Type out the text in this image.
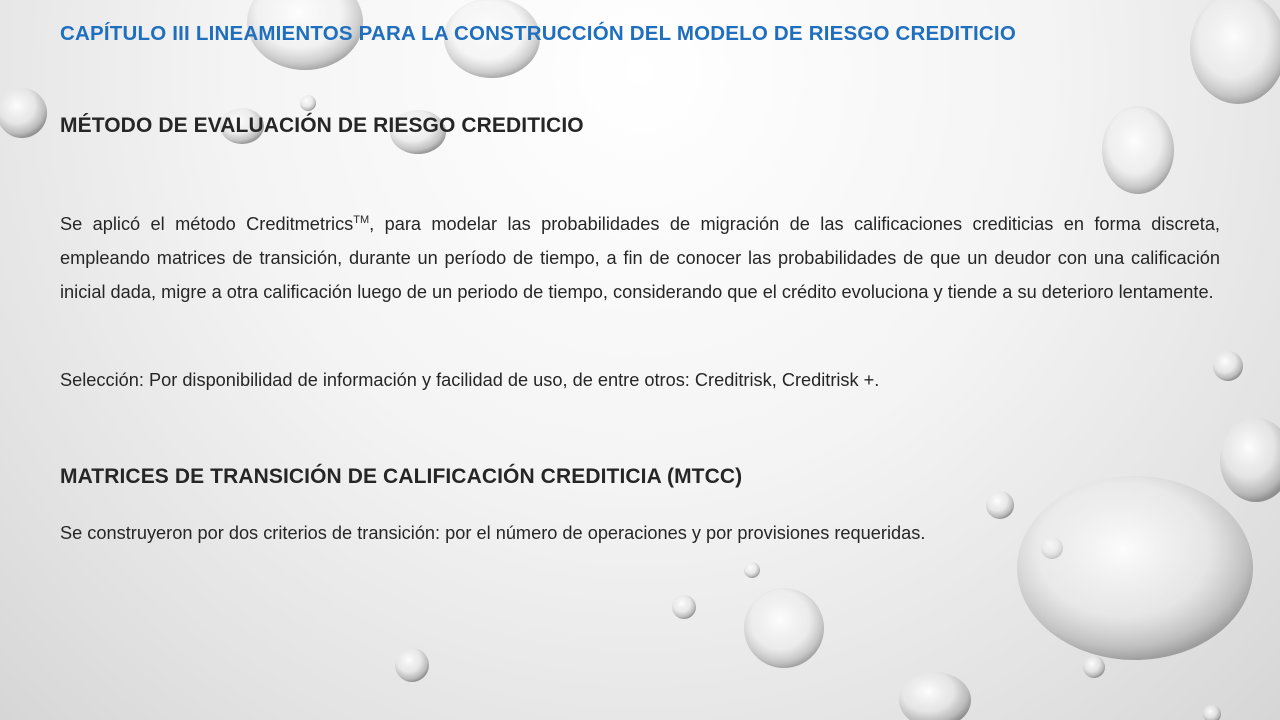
CAPÍTULO III LINEAMIENTOS PARA LA CONSTRUCCIÓN DEL MODELO DE RIESGO CREDITICIO
MÉTODO DE EVALUACIÓN DE RIESGO CREDITICIO

Se aplicó el método Creditmetrics™, para modelar las probabilidades de migración de las calificaciones crediticias en forma discreta, empleando matrices de transición, durante un período de tiempo, a fin de conocer las probabilidades de que un deudor con una calificación inicial dada, migre a otra calificación luego de un periodo de tiempo, considerando que el crédito evoluciona y tiende a su deterioro lentamente.

Selección: Por disponibilidad de información y facilidad de uso, de entre otros: Creditrisk, Creditrisk +.

MATRICES DE TRANSICIÓN DE CALIFICACIÓN CREDITICIA (MTCC)

Se construyeron por dos criterios de transición: por el número de operaciones y por provisiones requeridas.
